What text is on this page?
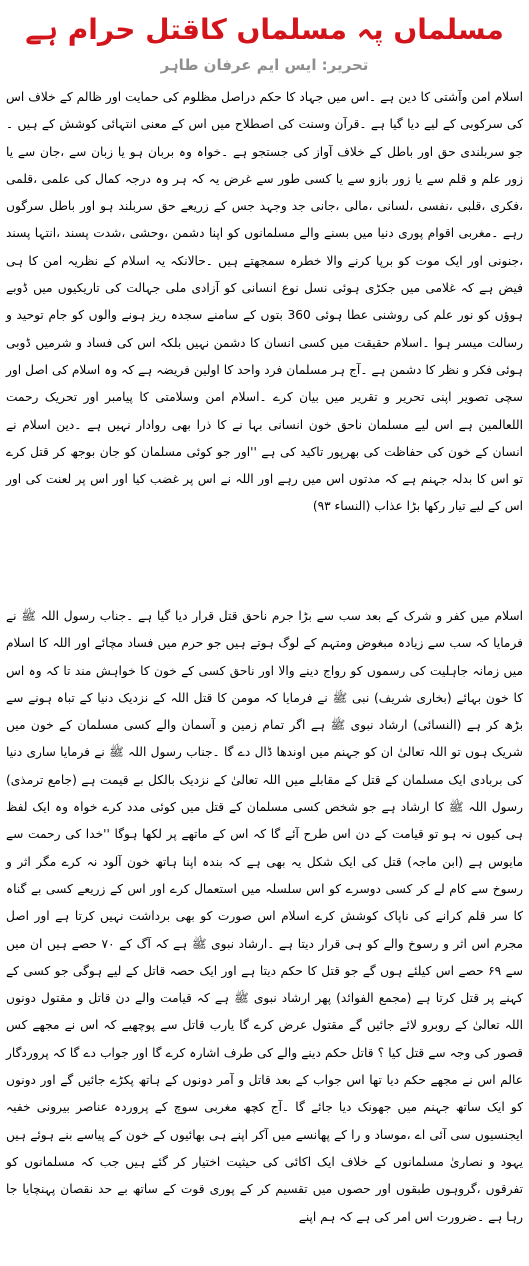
مسلماں پہ مسلماں کاقتل حرام ہے
تحریر: ایس ایم عرفان طاہر

اسلام امن وآشتی کا دین ہے ۔اس میں جہاد کا حکم دراصل مظلوم کی حمایت اور ظالم کے خلاف اس کی سرکوبی کے لیے دیا گیا ہے ۔قرآن وسنت کی اصطلاح میں اس کے معنی انتہائی کوشش کے ہیں ۔جو سربلندی حق اور باطل کے خلاف آواز کی جستجو ہے ۔خواہ وہ بربان ہو یا زبان سے ،جان سے یا زور علم و قلم سے یا زور بازو سے یا کسی طور سے غرض یہ کہ ہر وہ درجہ کمال کی علمی ،قلمی ،فکری ،قلبی ،نفسی ،لسانی ،مالی ،جانی جد وجہد جس کے زریعے حق سربلند ہو اور باطل سرگوں رہے ۔مغربی اقوام پوری دنیا میں بسنے والے مسلمانوں کو اپنا دشمن ،وحشی ،شدت پسند ،انتہا پسند ،جنونی اور ایک موت کو برپا کرنے والا خطرہ سمجھتے ہیں ۔حالانکہ یہ اسلام کے نظریہ امن کا ہی فیض ہے کہ غلامی میں جکڑی ہوئی نسل نوع انسانی کو آزادی ملی جہالت کی تاریکیوں میں ڈوبے ہوؤں کو نور علم کی روشنی عطا ہوئی 360 بتوں کے سامنے سجدہ ریز ہونے والوں کو جام توحید و رسالت میسر ہوا ۔اسلام حقیقت میں کسی انسان کا دشمن نہیں بلکہ اس کی فساد و شرمیں ڈوبی ہوئی فکر و نظر کا دشمن ہے ۔آج ہر مسلمان فرد واحد کا اولین فریضہ ہے کہ وہ اسلام کی اصل اور سچی تصویر اپنی تحریر و تقریر میں بیان کرے ۔اسلام امن وسلامتی کا پیامبر اور تحریک رحمت اللعالمین ہے اس لیے مسلمان ناحق خون انسانی بہا نے کا ذرا بھی روادار نہیں ہے ۔دین اسلام نے انسان کے خون کی حفاظت کی بھرپور تاکید کی ہے ''اور جو کوئی مسلمان کو جان بوجھ کر قتل کرے تو اس کا بدلہ جہنم ہے کہ مدتوں اس میں رہے اور اللہ نے اس پر غضب کیا اور اس پر لعنت کی اور اس کے لیے تیار رکھا بڑا عذاب (النساء ۹۳)

اسلام میں کفر و شرک کے بعد سب سے بڑا جرم ناحق قتل قرار دیا گیا ہے ۔جناب رسول اللہ ﷺ نے فرمایا کہ سب سے زیادہ مبغوض ومتہم کے لوگ ہوتے ہیں جو حرم میں فساد مچائے اور اللہ کا اسلام میں زمانہ جاہلیت کی رسموں کو رواج دینے والا اور ناحق کسی کے خون کا خواہش مند تا کہ وہ اس کا خون بہائے (بخاری شریف) نبی ﷺ نے فرمایا کہ مومن کا قتل اللہ کے نزدیک دنیا کے تباہ ہونے سے بڑھ کر ہے (النسائی) ارشاد نبوی ﷺ ہے اگر تمام زمین و آسمان والے کسی مسلمان کے خون میں شریک ہوں تو اللہ تعالیٰ ان کو جہنم میں اوندھا ڈال دے گا ۔جناب رسول اللہ ﷺ نے فرمایا ساری دنیا کی بربادی ایک مسلمان کے قتل کے مقابلے میں اللہ تعالیٰ کے نزدیک بالکل بے قیمت ہے (جامع ترمذی) رسول اللہ ﷺ کا ارشاد ہے جو شخص کسی مسلمان کے قتل میں کوئی مدد کرے خواہ وہ ایک لفظ ہی کیوں نہ ہو تو قیامت کے دن اس طرح آئے گا کہ اس کے ماتھے پر لکھا ہوگا ''خدا کی رحمت سے مایوس ہے (ابن ماجہ) قتل کی ایک شکل یہ بھی ہے کہ بندہ اپنا ہاتھ خون آلود نہ کرے مگر اثر و رسوخ سے کام لے کر کسی دوسرے کو اس سلسلہ میں استعمال کرے اور اس کے زریعے کسی بے گناہ کا سر قلم کرانے کی ناپاک کوشش کرے اسلام اس صورت کو بھی برداشت نہیں کرتا ہے اور اصل مجرم اس اثر و رسوخ والے کو ہی قرار دیتا ہے ۔ارشاد نبوی ﷺ ہے کہ آگ کے ۷۰ حصے ہیں ان میں سے ۶۹ حصے اس کیلئے ہوں گے جو قتل کا حکم دیتا ہے اور ایک حصہ قاتل کے لیے ہوگی جو کسی کے کہنے پر قتل کرتا ہے (مجمع الفوائد) پھر ارشاد نبوی ﷺ ہے کہ قیامت والے دن قاتل و مقتول دونوں اللہ تعالیٰ کے روبرو لائے جائیں گے مقتول عرض کرے گا یارب قاتل سے پوچھیے کہ اس نے مجھے کس قصور کی وجہ سے قتل کیا ؟ قاتل حکم دینے والے کی طرف اشارہ کرے گا اور جواب دے گا کہ پروردگار عالم اس نے مجھے حکم دیا تھا اس جواب کے بعد قاتل و آمر دونوں کے ہاتھ پکڑے جائیں گے اور دونوں کو ایک ساتھ جہنم میں جھونک دیا جائے گا ۔آج کچھ مغربی سوچ کے پروردہ عناصر بیرونی خفیہ ایجنسیوں سی آئی اے ،موساد و را کے پھانسے میں آکر اپنے ہی بھائیوں کے خون کے پیاسے بنے ہوئے ہیں یہود و نصاریٰ مسلمانوں کے خلاف ایک اکائی کی حیثیت اختیار کر گئے ہیں جب کہ مسلمانوں کو تفرقوں ،گروہوں طبقوں اور حصوں میں تقسیم کر کے پوری قوت کے ساتھ بے حد نقصان پہنچایا جا رہا ہے ۔ضرورت اس امر کی ہے کہ ہم اپنے
